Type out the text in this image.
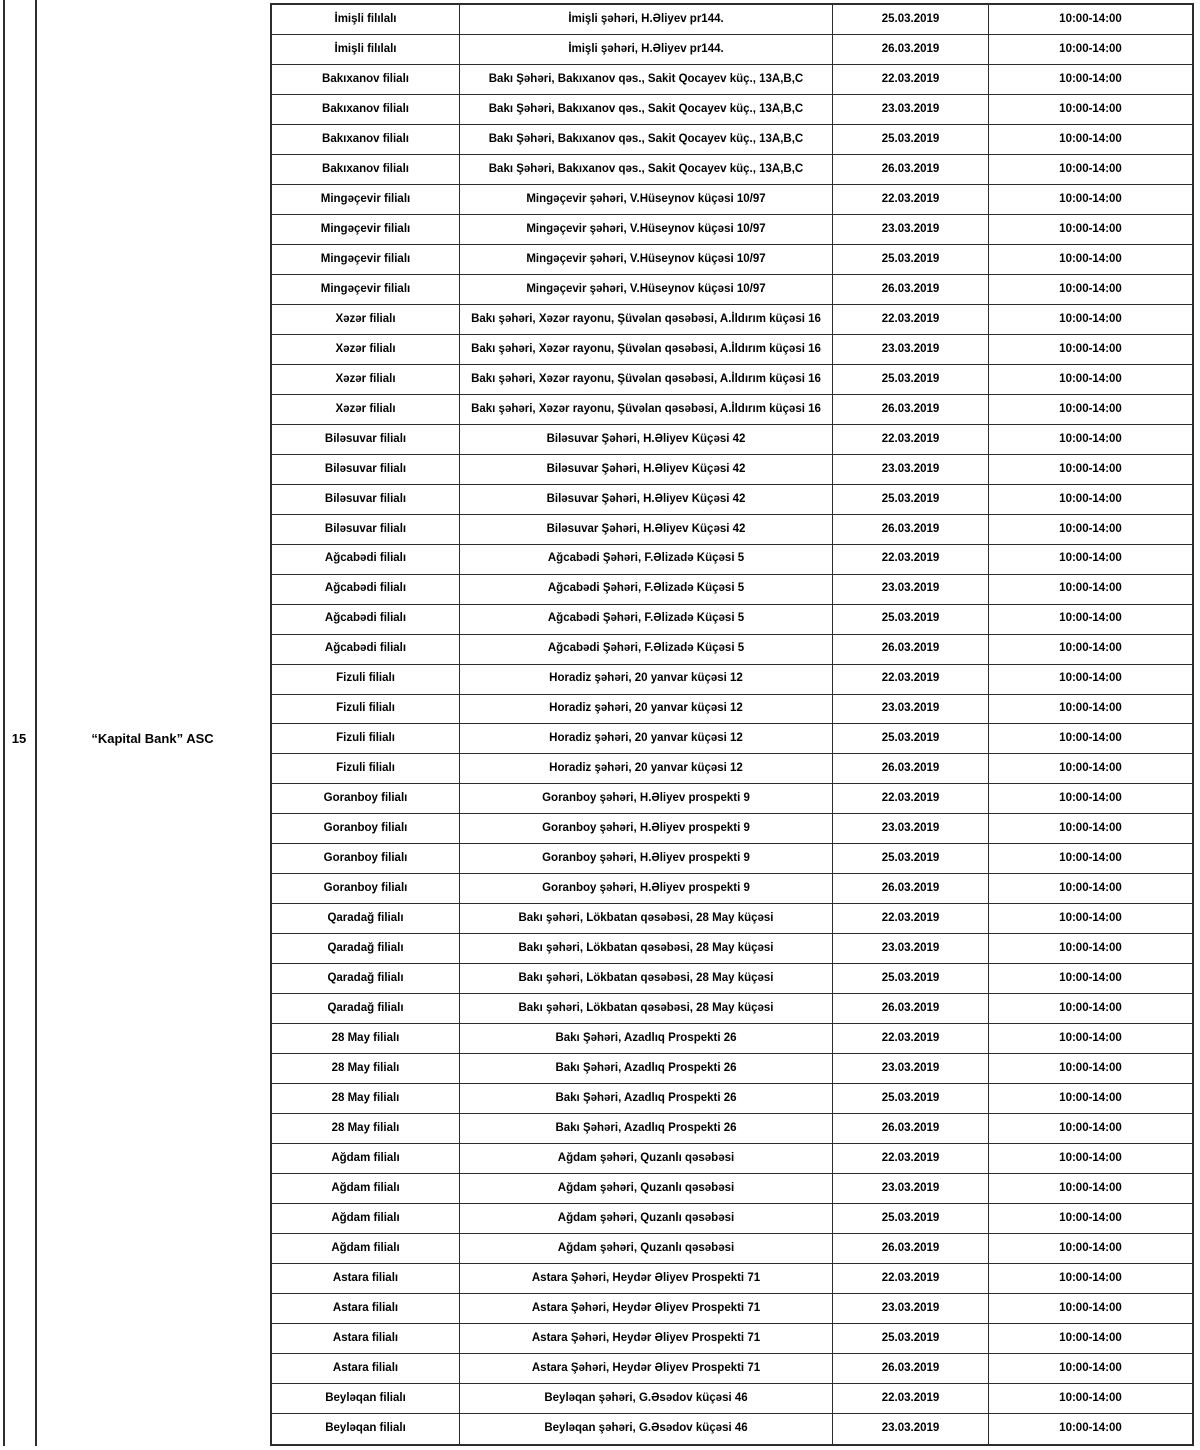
15	“Kapital Bank” ASC
İmişli filılalı	İmişli şəhəri, H.Əliyev pr144.	25.03.2019	10:00-14:00
İmişli filılalı	İmişli şəhəri, H.Əliyev pr144.	26.03.2019	10:00-14:00
Bakıxanov filialı	Bakı Şəhəri, Bakıxanov qəs., Sakit Qocayev küç., 13A,B,C	22.03.2019	10:00-14:00
Bakıxanov filialı	Bakı Şəhəri, Bakıxanov qəs., Sakit Qocayev küç., 13A,B,C	23.03.2019	10:00-14:00
Bakıxanov filialı	Bakı Şəhəri, Bakıxanov qəs., Sakit Qocayev küç., 13A,B,C	25.03.2019	10:00-14:00
Bakıxanov filialı	Bakı Şəhəri, Bakıxanov qəs., Sakit Qocayev küç., 13A,B,C	26.03.2019	10:00-14:00
Mingəçevir filialı	Mingəçevir şəhəri, V.Hüseynov küçəsi 10/97	22.03.2019	10:00-14:00
Mingəçevir filialı	Mingəçevir şəhəri, V.Hüseynov küçəsi 10/97	23.03.2019	10:00-14:00
Mingəçevir filialı	Mingəçevir şəhəri, V.Hüseynov küçəsi 10/97	25.03.2019	10:00-14:00
Mingəçevir filialı	Mingəçevir şəhəri, V.Hüseynov küçəsi 10/97	26.03.2019	10:00-14:00
Xəzər filialı	Bakı şəhəri, Xəzər rayonu, Şüvəlan qəsəbəsi, A.İldırım küçəsi 16	22.03.2019	10:00-14:00
Xəzər filialı	Bakı şəhəri, Xəzər rayonu, Şüvəlan qəsəbəsi, A.İldırım küçəsi 16	23.03.2019	10:00-14:00
Xəzər filialı	Bakı şəhəri, Xəzər rayonu, Şüvəlan qəsəbəsi, A.İldırım küçəsi 16	25.03.2019	10:00-14:00
Xəzər filialı	Bakı şəhəri, Xəzər rayonu, Şüvəlan qəsəbəsi, A.İldırım küçəsi 16	26.03.2019	10:00-14:00
Biləsuvar filialı	Biləsuvar Şəhəri, H.Əliyev Küçəsi 42	22.03.2019	10:00-14:00
Biləsuvar filialı	Biləsuvar Şəhəri, H.Əliyev Küçəsi 42	23.03.2019	10:00-14:00
Biləsuvar filialı	Biləsuvar Şəhəri, H.Əliyev Küçəsi 42	25.03.2019	10:00-14:00
Biləsuvar filialı	Biləsuvar Şəhəri, H.Əliyev Küçəsi 42	26.03.2019	10:00-14:00
Ağcabədi filialı	Ağcabədi Şəhəri, F.Əlizadə Küçəsi 5	22.03.2019	10:00-14:00
Ağcabədi filialı	Ağcabədi Şəhəri, F.Əlizadə Küçəsi 5	23.03.2019	10:00-14:00
Ağcabədi filialı	Ağcabədi Şəhəri, F.Əlizadə Küçəsi 5	25.03.2019	10:00-14:00
Ağcabədi filialı	Ağcabədi Şəhəri, F.Əlizadə Küçəsi 5	26.03.2019	10:00-14:00
Fizuli filialı	Horadiz şəhəri, 20 yanvar küçəsi 12	22.03.2019	10:00-14:00
Fizuli filialı	Horadiz şəhəri, 20 yanvar küçəsi 12	23.03.2019	10:00-14:00
Fizuli filialı	Horadiz şəhəri, 20 yanvar küçəsi 12	25.03.2019	10:00-14:00
Fizuli filialı	Horadiz şəhəri, 20 yanvar küçəsi 12	26.03.2019	10:00-14:00
Goranboy filialı	Goranboy şəhəri, H.Əliyev prospekti 9	22.03.2019	10:00-14:00
Goranboy filialı	Goranboy şəhəri, H.Əliyev prospekti 9	23.03.2019	10:00-14:00
Goranboy filialı	Goranboy şəhəri, H.Əliyev prospekti 9	25.03.2019	10:00-14:00
Goranboy filialı	Goranboy şəhəri, H.Əliyev prospekti 9	26.03.2019	10:00-14:00
Qaradağ filialı	Bakı şəhəri, Lökbatan qəsəbəsi, 28 May küçəsi	22.03.2019	10:00-14:00
Qaradağ filialı	Bakı şəhəri, Lökbatan qəsəbəsi, 28 May küçəsi	23.03.2019	10:00-14:00
Qaradağ filialı	Bakı şəhəri, Lökbatan qəsəbəsi, 28 May küçəsi	25.03.2019	10:00-14:00
Qaradağ filialı	Bakı şəhəri, Lökbatan qəsəbəsi, 28 May küçəsi	26.03.2019	10:00-14:00
28 May filialı	Bakı Şəhəri, Azadlıq Prospekti 26	22.03.2019	10:00-14:00
28 May filialı	Bakı Şəhəri, Azadlıq Prospekti 26	23.03.2019	10:00-14:00
28 May filialı	Bakı Şəhəri, Azadlıq Prospekti 26	25.03.2019	10:00-14:00
28 May filialı	Bakı Şəhəri, Azadlıq Prospekti 26	26.03.2019	10:00-14:00
Ağdam filialı	Ağdam şəhəri, Quzanlı qəsəbəsi	22.03.2019	10:00-14:00
Ağdam filialı	Ağdam şəhəri, Quzanlı qəsəbəsi	23.03.2019	10:00-14:00
Ağdam filialı	Ağdam şəhəri, Quzanlı qəsəbəsi	25.03.2019	10:00-14:00
Ağdam filialı	Ağdam şəhəri, Quzanlı qəsəbəsi	26.03.2019	10:00-14:00
Astara filialı	Astara Şəhəri, Heydər Əliyev Prospekti 71	22.03.2019	10:00-14:00
Astara filialı	Astara Şəhəri, Heydər Əliyev Prospekti 71	23.03.2019	10:00-14:00
Astara filialı	Astara Şəhəri, Heydər Əliyev Prospekti 71	25.03.2019	10:00-14:00
Astara filialı	Astara Şəhəri, Heydər Əliyev Prospekti 71	26.03.2019	10:00-14:00
Beyləqan filialı	Beyləqan şəhəri, G.Əsədov küçəsi 46	22.03.2019	10:00-14:00
Beyləqan filialı	Beyləqan şəhəri, G.Əsədov küçəsi 46	23.03.2019	10:00-14:00
